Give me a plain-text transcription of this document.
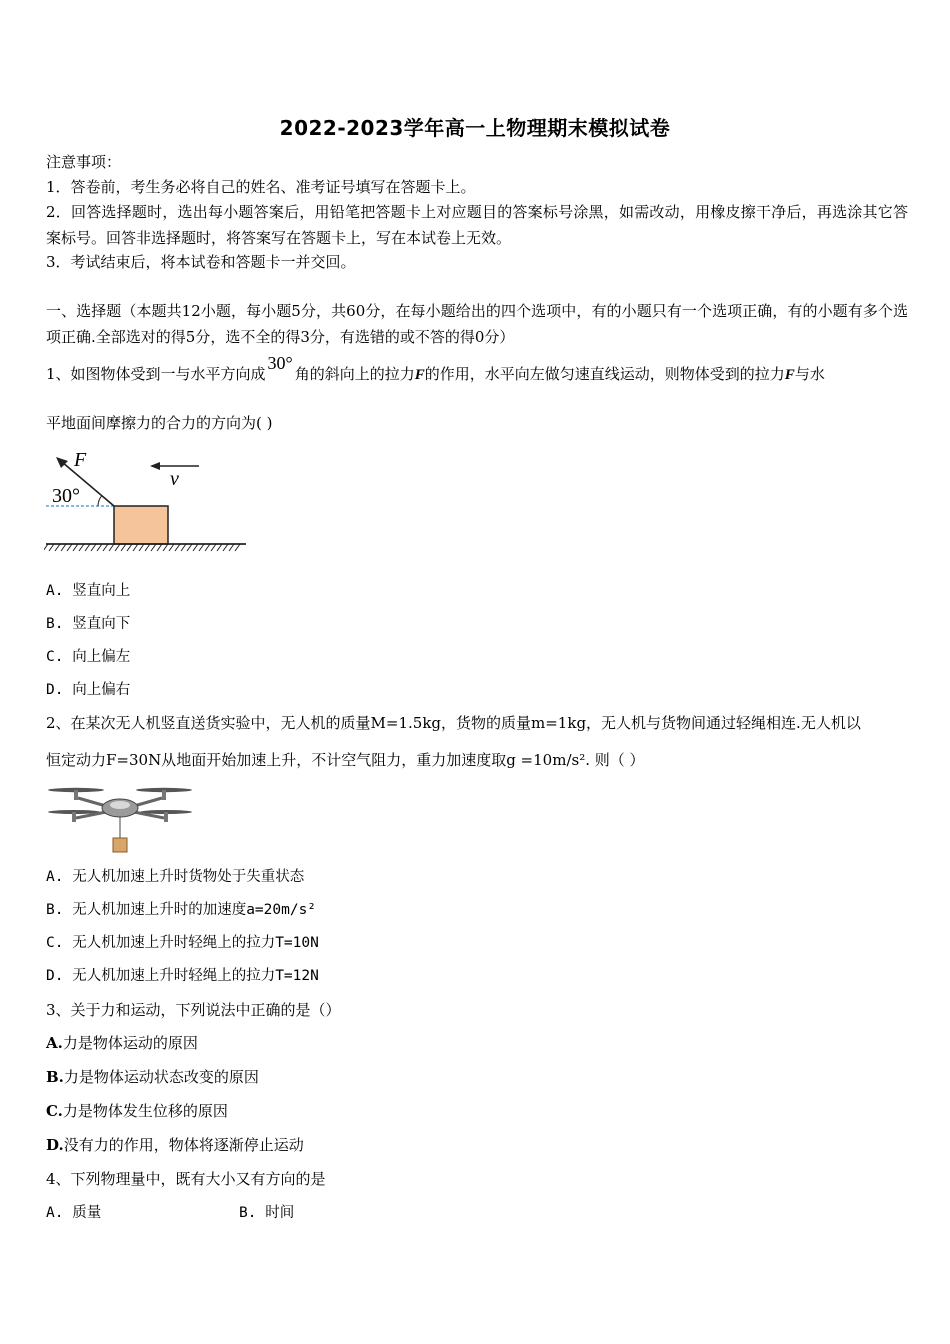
2022-2023学年高一上物理期末模拟试卷
注意事项：
1．答卷前，考生务必将自己的姓名、准考证号填写在答题卡上。
2．回答选择题时，选出每小题答案后，用铅笔把答题卡上对应题目的答案标号涂黑，如需改动，用橡皮擦干净后，再选涂其它答案标号。回答非选择题时，将答案写在答题卡上，写在本试卷上无效。
3．考试结束后，将本试卷和答题卡一并交回。
一、选择题（本题共12小题，每小题5分，共60分，在每小题给出的四个选项中，有的小题只有一个选项正确，有的小题有多个选项正确.全部选对的得5分，选不全的得3分，有选错的或不答的得0分）
1、如图物体受到一与水平方向成30°角的斜向上的拉力F的作用，水平向左做匀速直线运动，则物体受到的拉力F与水
平地面间摩擦力的合力的方向为( )
F
30°
v
A. 竖直向上
B. 竖直向下
C. 向上偏左
D. 向上偏右
2、在某次无人机竖直送货实验中，无人机的质量M=1.5kg，货物的质量m=1kg，无人机与货物间通过轻绳相连.无人机以
恒定动力F=30N从地面开始加速上升，不计空气阻力，重力加速度取g =10m/s². 则（ ）
A. 无人机加速上升时货物处于失重状态
B. 无人机加速上升时的加速度a=20m/s²
C. 无人机加速上升时轻绳上的拉力T=10N
D. 无人机加速上升时轻绳上的拉力T=12N
3、关于力和运动，下列说法中正确的是（）
A.力是物体运动的原因
B.力是物体运动状态改变的原因
C.力是物体发生位移的原因
D.没有力的作用，物体将逐渐停止运动
4、下列物理量中，既有大小又有方向的是
A. 质量	B. 时间
